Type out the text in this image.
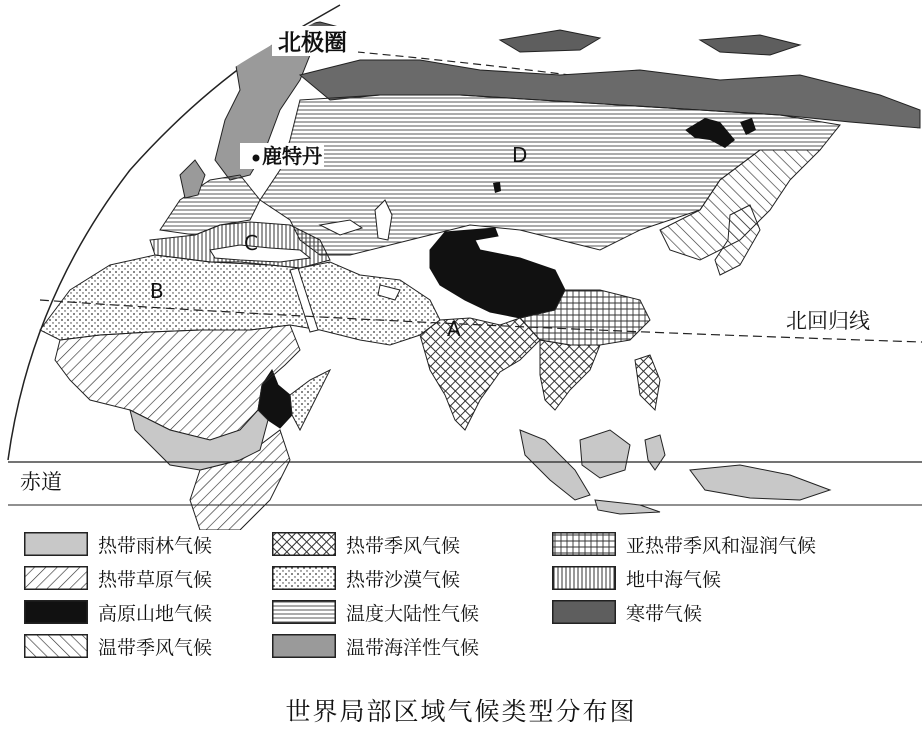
北极圈
鹿特丹
A
B
C
D
北回归线
赤道
热带雨林气候
热带草原气候
高原山地气候
温带季风气候
热带季风气候
热带沙漠气候
温度大陆性气候
温带海洋性气候
亚热带季风和湿润气候
地中海气候
寒带气候
世界局部区域气候类型分布图
